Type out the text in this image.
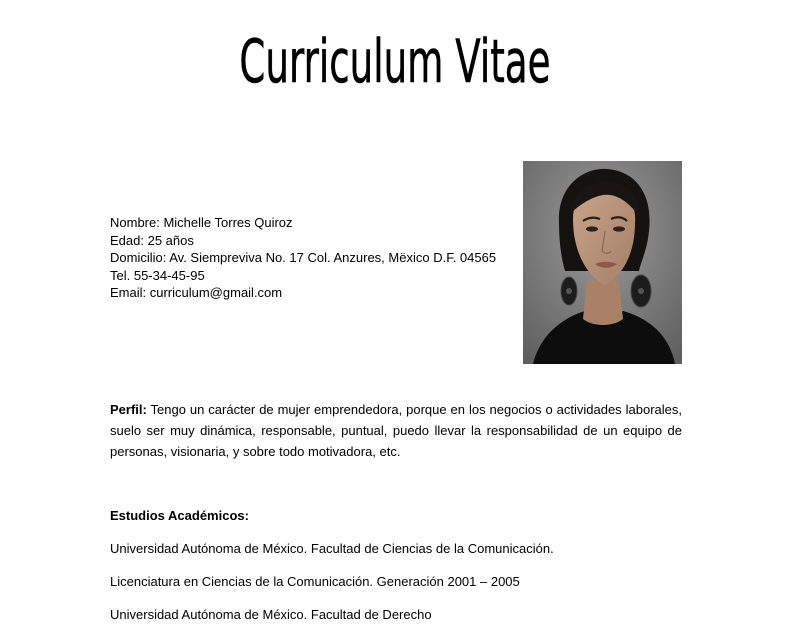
Curriculum Vitae
Nombre: Michelle Torres Quiroz
Edad: 25 años
Domicilio: Av. Siempreviva No. 17 Col. Anzures, Mëxico D.F. 04565
Tel. 55-34-45-95
Email: curriculum@gmail.com
Perfil: Tengo un carácter de mujer emprendedora, porque en los negocios o actividades laborales, suelo ser muy dinámica, responsable, puntual, puedo llevar la responsabilidad de un equipo de personas, visionaria, y sobre todo motivadora, etc.
Estudios Académicos:
Universidad Autónoma de México. Facultad de Ciencias de la Comunicación.
Licenciatura en Ciencias de la Comunicación. Generación 2001 – 2005
Universidad Autónoma de México. Facultad de Derecho
